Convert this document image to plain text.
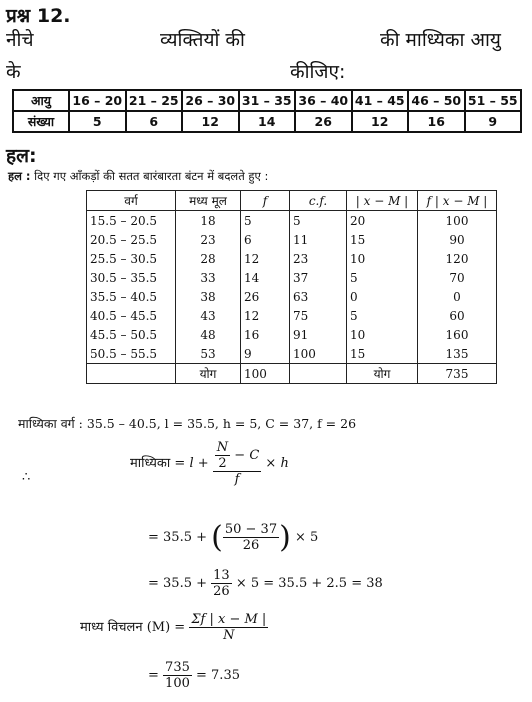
प्रश्न 12.
नीचे	व्यक्तियों की	की माध्यिका आयु
के	कीजिए:
आयु	16 – 20	21 – 25	26 – 30	31 – 35	36 – 40	41 – 45	46 – 50	51 – 55
संख्या	5	6	12	14	26	12	16	9
हल:
हल : दिए गए आँकड़ों की सतत बारंबारता बंटन में बदलते हुए :
वर्ग	मध्य मूल	f	c.f.	| x − M |	f | x − M |
15.5 – 20.5	18	5	5	20	100
20.5 – 25.5	23	6	11	15	90
25.5 – 30.5	28	12	23	10	120
30.5 – 35.5	33	14	37	5	70
35.5 – 40.5	38	26	63	0	0
40.5 – 45.5	43	12	75	5	60
45.5 – 50.5	48	16	91	10	160
50.5 – 55.5	53	9	100	15	135
	योग	100		योग	735
माध्यिका वर्ग : 35.5 – 40.5, l = 35.5, h = 5, C = 37, f = 26
∴
माध्यिका = $l + \frac{\frac{N}{2} - C}{f} \times h$
= 35.5 + ( $\frac{50 - 37}{26}$ ) × 5
= $35.5 + \frac{13}{26} \times 5 = 35.5 + 2.5 = 38$
माध्य विचलन $(M) = \frac{\Sigma f | x - M |}{N}$
= $\frac{735}{100} = 7.35$
